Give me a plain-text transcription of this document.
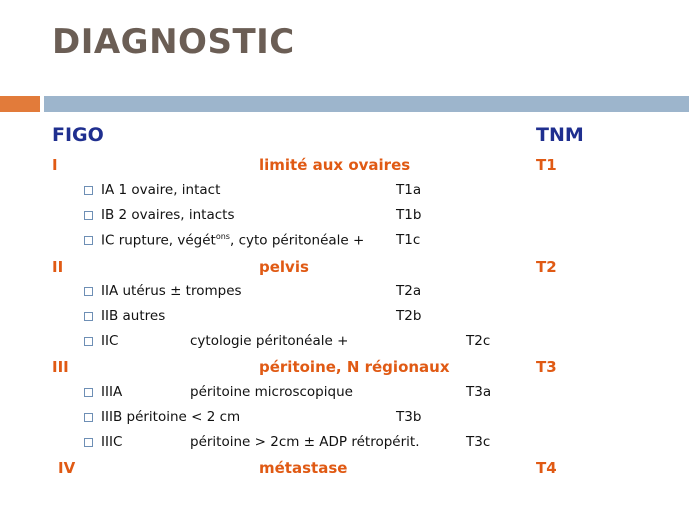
DIAGNOSTIC
FIGO	TNM
I	limité aux ovaires	T1
IA 1 ovaire, intact	T1a
IB 2 ovaires, intacts	T1b
IC rupture, végét$^{ons}$, cyto péritonéale + T1c
II	pelvis	T2
IIA utérus ± trompes	T2a
IIB autres	T2b
IIC	cytologie péritonéale +	T2c
III	péritoine, N régionaux	T3
IIIA	péritoine microscopique	T3a
IIIB péritoine < 2 cm	T3b
IIIC	péritoine > 2cm ± ADP rétropérit.	T3c
IV	métastase	T4
